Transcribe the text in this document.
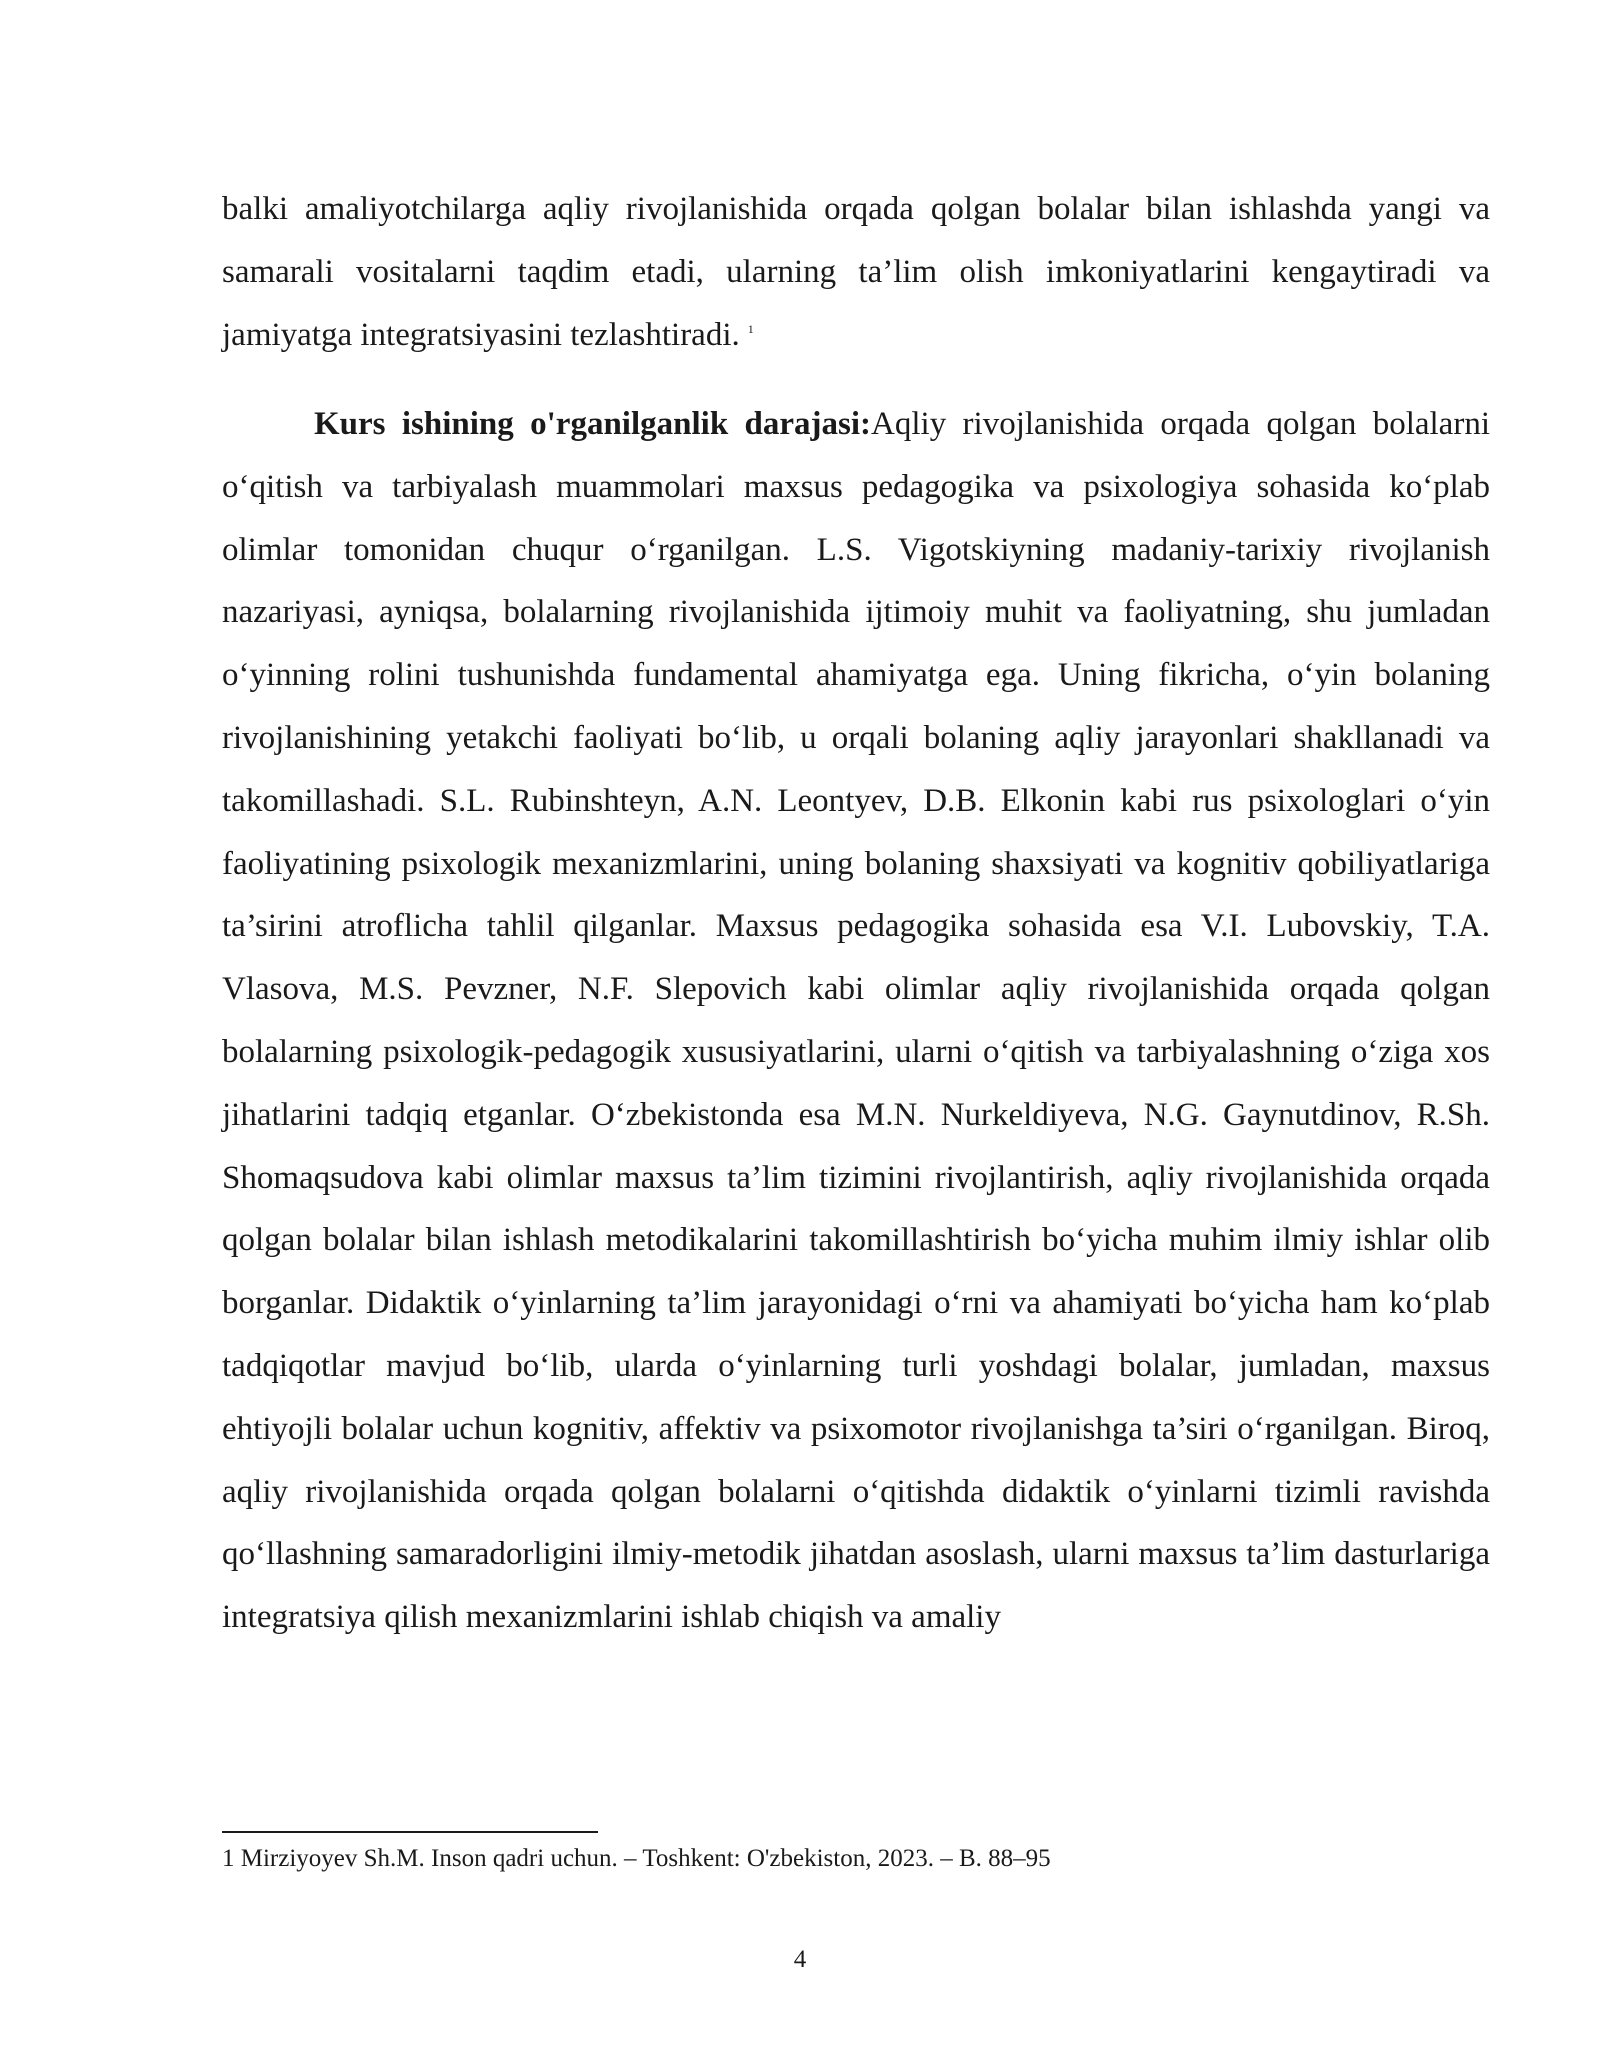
balki amaliyotchilarga aqliy rivojlanishida orqada qolgan bolalar bilan ishlashda yangi va samarali vositalarni taqdim etadi, ularning ta’lim olish imkoniyatlarini kengaytiradi va jamiyatga integratsiyasini tezlashtiradi. $^1$

Kurs ishining o'rganilganlik darajasi:Aqliy rivojlanishida orqada qolgan bolalarni o‘qitish va tarbiyalash muammolari maxsus pedagogika va psixologiya sohasida ko‘plab olimlar tomonidan chuqur o‘rganilgan. L.S. Vigotskiyning madaniy-tarixiy rivojlanish nazariyasi, ayniqsa, bolalarning rivojlanishida ijtimoiy muhit va faoliyatning, shu jumladan o‘yinning rolini tushunishda fundamental ahamiyatga ega. Uning fikricha, o‘yin bolaning rivojlanishining yetakchi faoliyati bo‘lib, u orqali bolaning aqliy jarayonlari shakllanadi va takomillashadi. S.L. Rubinshteyn, A.N. Leontyev, D.B. Elkonin kabi rus psixologlari o‘yin faoliyatining psixologik mexanizmlarini, uning bolaning shaxsiyati va kognitiv qobiliyatlariga ta’sirini atroflicha tahlil qilganlar. Maxsus pedagogika sohasida esa V.I. Lubovskiy, T.A. Vlasova, M.S. Pevzner, N.F. Slepovich kabi olimlar aqliy rivojlanishida orqada qolgan bolalarning psixologik-pedagogik xususiyatlarini, ularni o‘qitish va tarbiyalashning o‘ziga xos jihatlarini tadqiq etganlar. O‘zbekistonda esa M.N. Nurkeldiyeva, N.G. Gaynutdinov, R.Sh. Shomaqsudova kabi olimlar maxsus ta’lim tizimini rivojlantirish, aqliy rivojlanishida orqada qolgan bolalar bilan ishlash metodikalarini takomillashtirish bo‘yicha muhim ilmiy ishlar olib borganlar. Didaktik o‘yinlarning ta’lim jarayonidagi o‘rni va ahamiyati bo‘yicha ham ko‘plab tadqiqotlar mavjud bo‘lib, ularda o‘yinlarning turli yoshdagi bolalar, jumladan, maxsus ehtiyojli bolalar uchun kognitiv, affektiv va psixomotor rivojlanishga ta’siri o‘rganilgan. Biroq, aqliy rivojlanishida orqada qolgan bolalarni o‘qitishda didaktik o‘yinlarni tizimli ravishda qo‘llashning samaradorligini ilmiy-metodik jihatdan asoslash, ularni maxsus ta’lim dasturlariga integratsiya qilish mexanizmlarini ishlab chiqish va amaliy

1 Mirziyoyev Sh.M. Inson qadri uchun. – Toshkent: O'zbekiston, 2023. – B. 88–95

4
